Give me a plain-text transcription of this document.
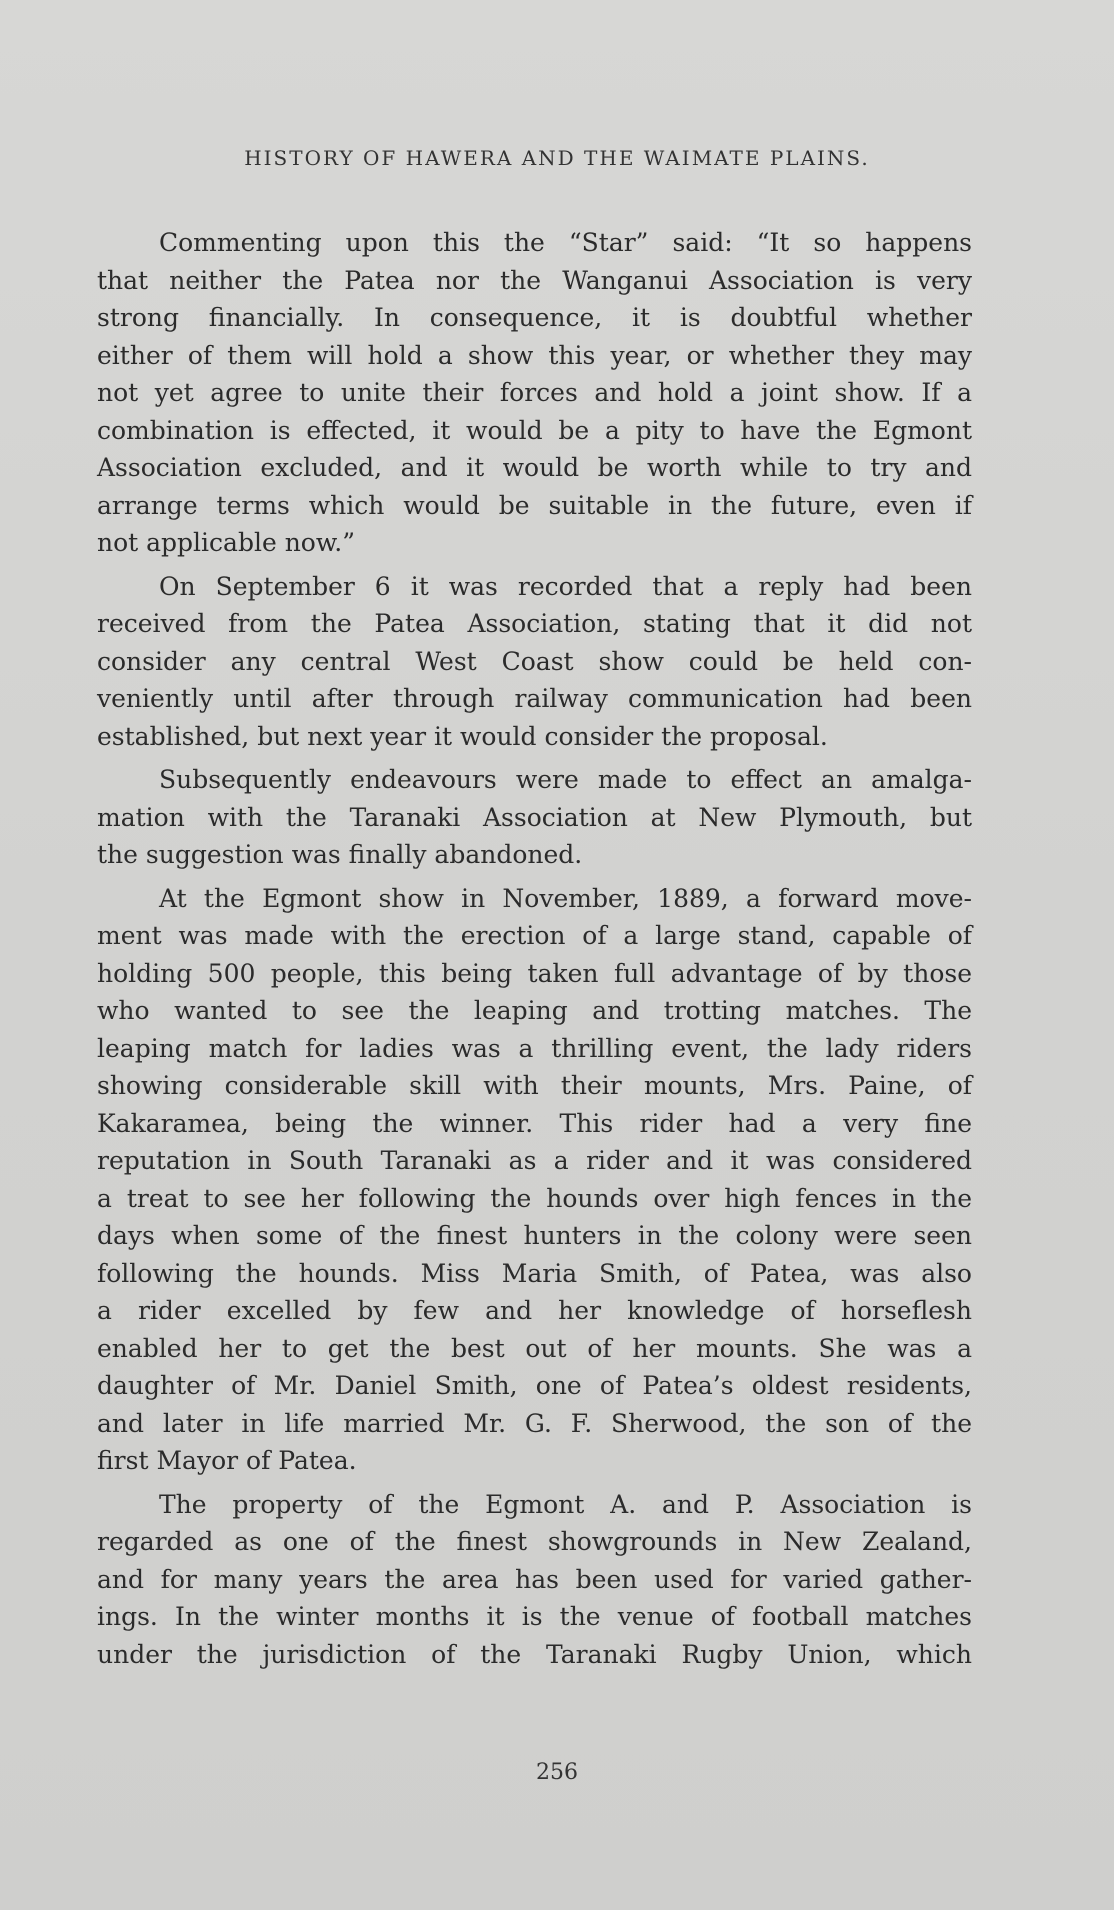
HISTORY OF HAWERA AND THE WAIMATE PLAINS.

Commenting upon this the “Star” said: “It so happens
that neither the Patea nor the Wanganui Association is very
strong financially. In consequence, it is doubtful whether
either of them will hold a show this year, or whether they may
not yet agree to unite their forces and hold a joint show. If a
combination is effected, it would be a pity to have the Egmont
Association excluded, and it would be worth while to try and
arrange terms which would be suitable in the future, even if
not applicable now.”

On September 6 it was recorded that a reply had been
received from the Patea Association, stating that it did not
consider any central West Coast show could be held con-
veniently until after through railway communication had been
established, but next year it would consider the proposal.

Subsequently endeavours were made to effect an amalga-
mation with the Taranaki Association at New Plymouth, but
the suggestion was finally abandoned.

At the Egmont show in November, 1889, a forward move-
ment was made with the erection of a large stand, capable of
holding 500 people, this being taken full advantage of by those
who wanted to see the leaping and trotting matches. The
leaping match for ladies was a thrilling event, the lady riders
showing considerable skill with their mounts, Mrs. Paine, of
Kakaramea, being the winner. This rider had a very fine
reputation in South Taranaki as a rider and it was considered
a treat to see her following the hounds over high fences in the
days when some of the finest hunters in the colony were seen
following the hounds. Miss Maria Smith, of Patea, was also
a rider excelled by few and her knowledge of horseflesh
enabled her to get the best out of her mounts. She was a
daughter of Mr. Daniel Smith, one of Patea’s oldest residents,
and later in life married Mr. G. F. Sherwood, the son of the
first Mayor of Patea.

The property of the Egmont A. and P. Association is
regarded as one of the finest showgrounds in New Zealand,
and for many years the area has been used for varied gather-
ings. In the winter months it is the venue of football matches
under the jurisdiction of the Taranaki Rugby Union, which

256
